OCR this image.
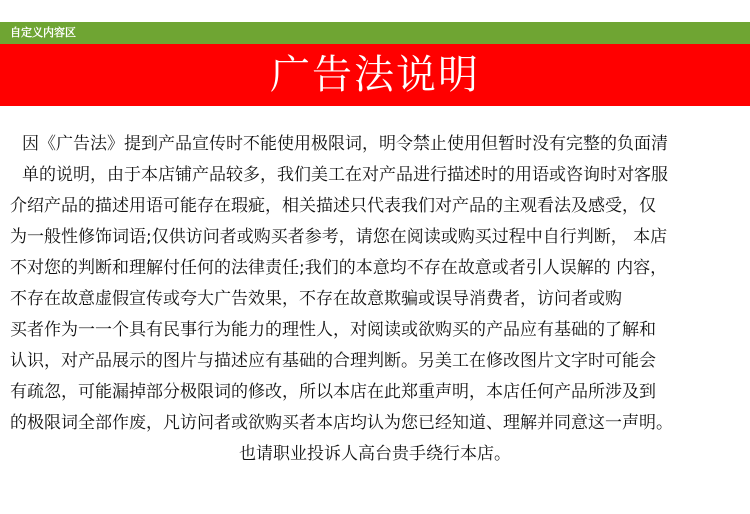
自定义内容区
广告法说明
因《广告法》提到产品宣传时不能使用极限词，明令禁止使用但暂时没有完整的负面清
单的说明，由于本店铺产品较多，我们美工在对产品进行描述时的用语或咨询时对客服
介绍产品的描述用语可能存在瑕疵，相关描述只代表我们对产品的主观看法及感受，仅
为一般性修饰词语;仅供访问者或购买者参考，请您在阅读或购买过程中自行判断， 本店
不对您的判断和理解付任何的法律责任;我们的本意均不存在故意或者引人误解的 内容，
不存在故意虚假宣传或夸大广告效果，不存在故意欺骗或误导消费者，访问者或购
买者作为一一个具有民事行为能力的理性人，对阅读或欲购买的产品应有基础的了解和
认识，对产品展示的图片与描述应有基础的合理判断。另美工在修改图片文字时可能会
有疏忽，可能漏掉部分极限词的修改，所以本店在此郑重声明，本店任何产品所涉及到
的极限词全部作废，凡访问者或欲购买者本店均认为您已经知道、理解并同意这一声明。
也请职业投诉人高台贵手绕行本店。
